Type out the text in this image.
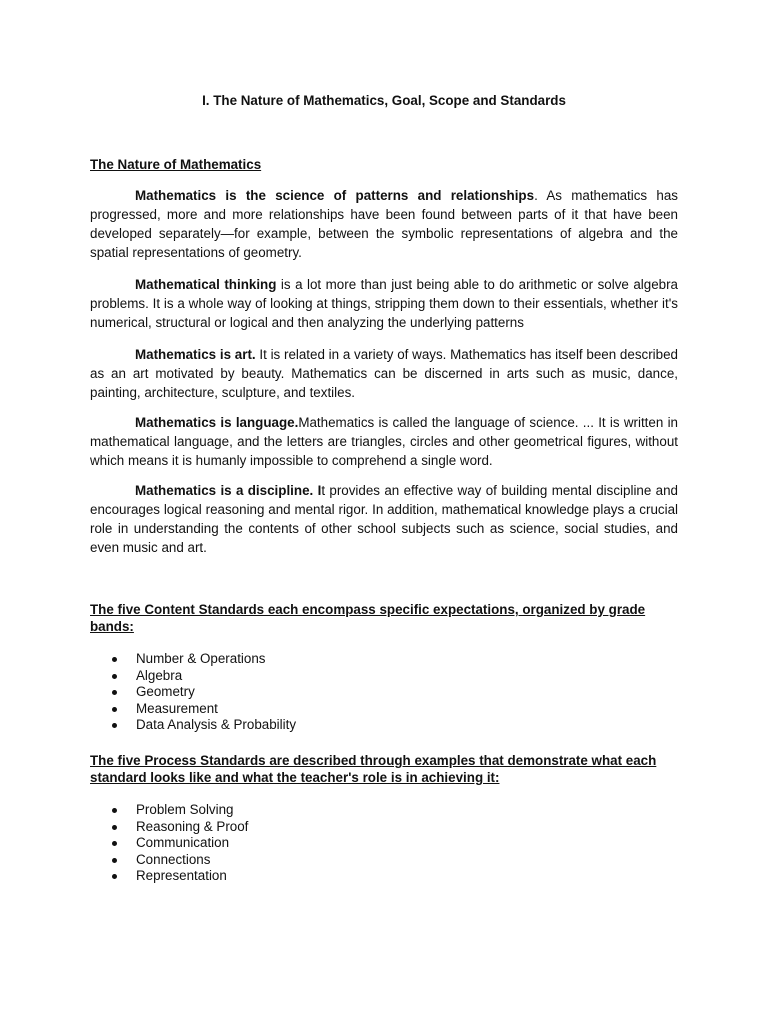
I. The Nature of Mathematics, Goal, Scope and Standards
The Nature of Mathematics
Mathematics is the science of patterns and relationships. As mathematics has progressed, more and more relationships have been found between parts of it that have been developed separately—for example, between the symbolic representations of algebra and the spatial representations of geometry.
Mathematical thinking is a lot more than just being able to do arithmetic or solve algebra problems. It is a whole way of looking at things, stripping them down to their essentials, whether it's numerical, structural or logical and then analyzing the underlying patterns
Mathematics is art. It is related in a variety of ways. Mathematics has itself been described as an art motivated by beauty. Mathematics can be discerned in arts such as music, dance, painting, architecture, sculpture, and textiles.
Mathematics is language.Mathematics is called the language of science. ... It is written in mathematical language, and the letters are triangles, circles and other geometrical figures, without which means it is humanly impossible to comprehend a single word.
Mathematics is a discipline. It provides an effective way of building mental discipline and encourages logical reasoning and mental rigor. In addition, mathematical knowledge plays a crucial role in understanding the contents of other school subjects such as science, social studies, and even music and art.
The five Content Standards each encompass specific expectations, organized by grade bands:
Number & Operations
Algebra
Geometry
Measurement
Data Analysis & Probability
The five Process Standards are described through examples that demonstrate what each standard looks like and what the teacher's role is in achieving it:
Problem Solving
Reasoning & Proof
Communication
Connections
Representation
